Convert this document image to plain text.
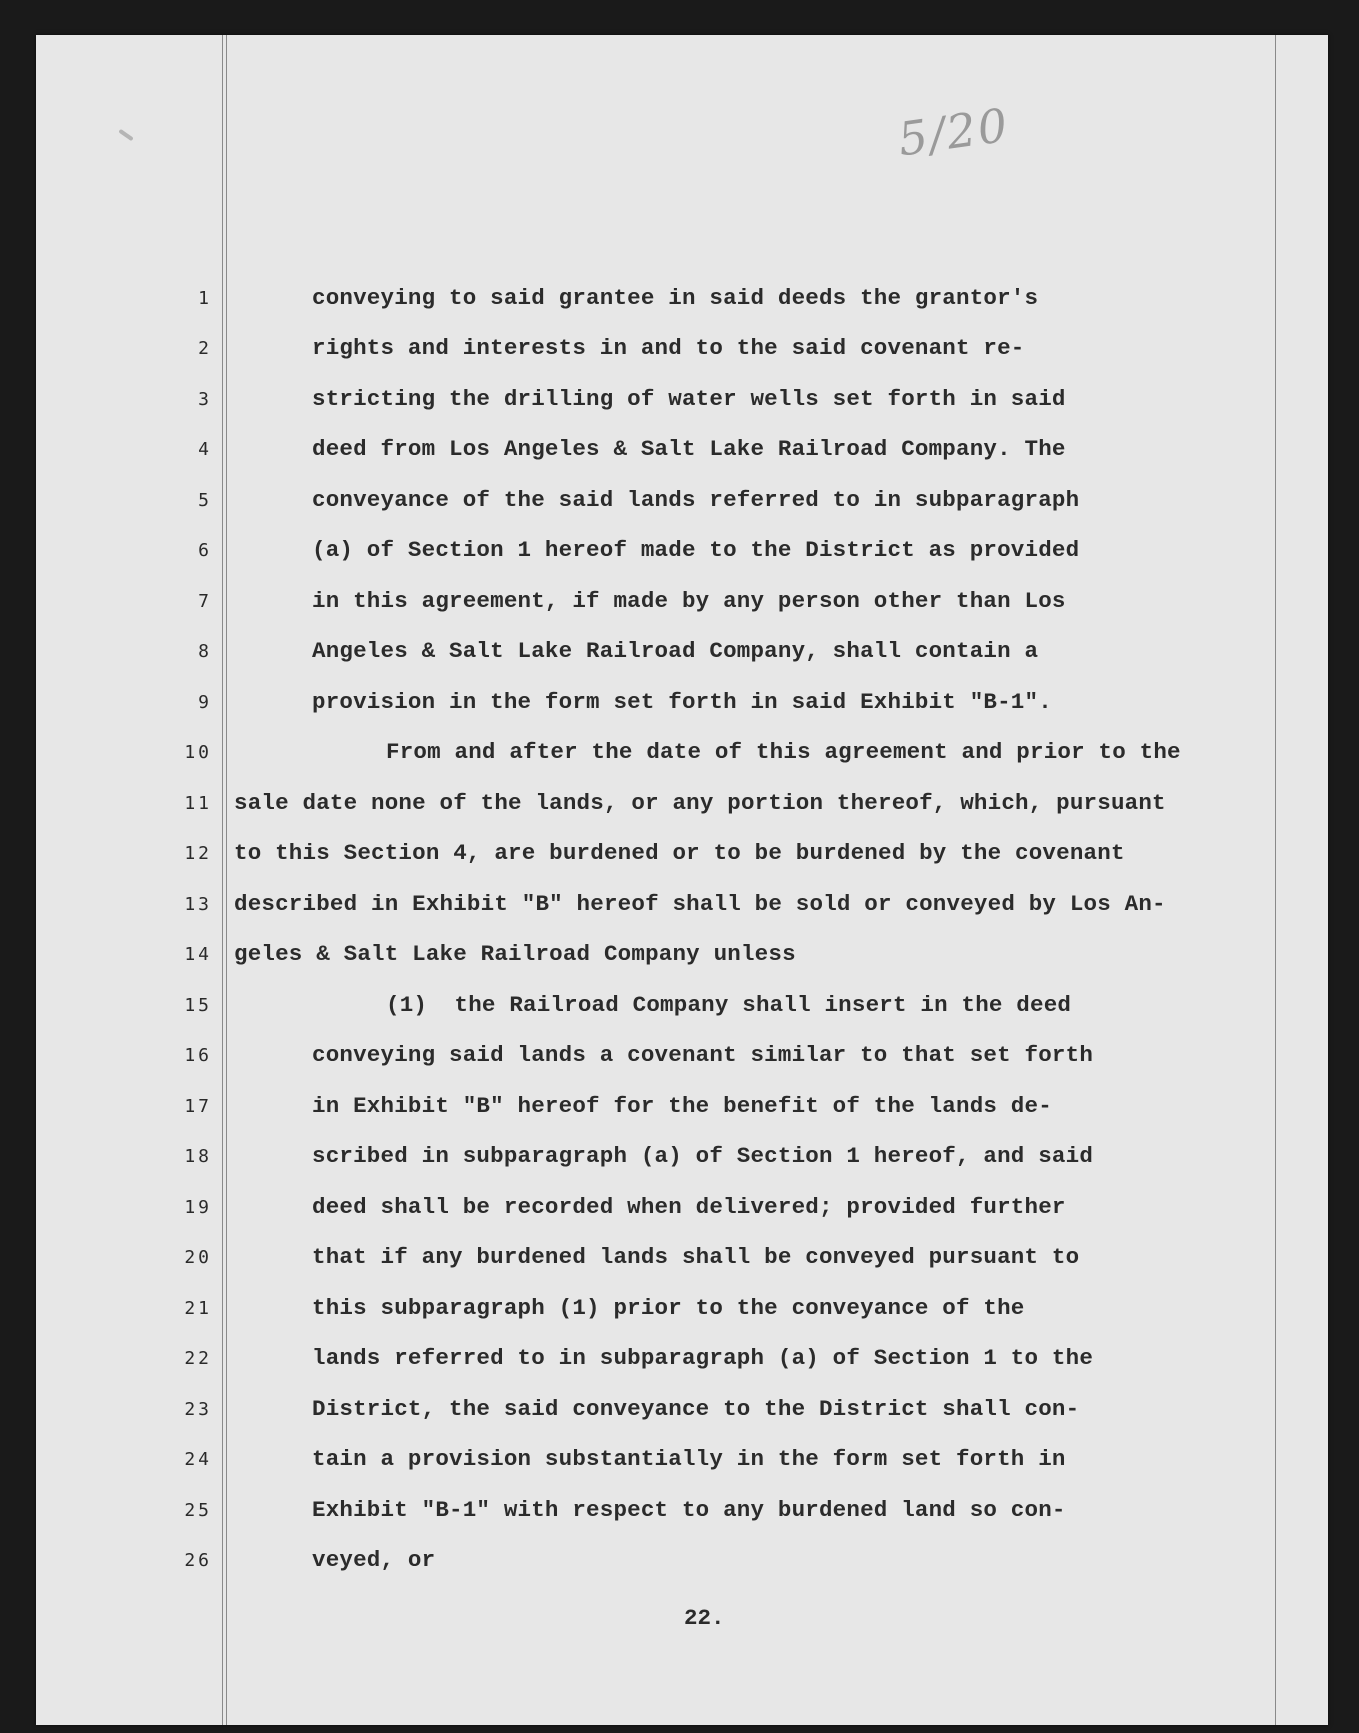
5/20
1
2
3
4
5
6
7
8
9
10
11
12
13
14
15
16
17
18
19
20
21
22
23
24
25
26
conveying to said grantee in said deeds the grantor's
rights and interests in and to the said covenant re-
stricting the drilling of water wells set forth in said
deed from Los Angeles & Salt Lake Railroad Company. The
conveyance of the said lands referred to in subparagraph
(a) of Section 1 hereof made to the District as provided
in this agreement, if made by any person other than Los
Angeles & Salt Lake Railroad Company, shall contain a
provision in the form set forth in said Exhibit "B-1".
From and after the date of this agreement and prior to the
sale date none of the lands, or any portion thereof, which, pursuant
to this Section 4, are burdened or to be burdened by the covenant
described in Exhibit "B" hereof shall be sold or conveyed by Los An-
geles & Salt Lake Railroad Company unless
(1)  the Railroad Company shall insert in the deed
conveying said lands a covenant similar to that set forth
in Exhibit "B" hereof for the benefit of the lands de-
scribed in subparagraph (a) of Section 1 hereof, and said
deed shall be recorded when delivered; provided further
that if any burdened lands shall be conveyed pursuant to
this subparagraph (1) prior to the conveyance of the
lands referred to in subparagraph (a) of Section 1 to the
District, the said conveyance to the District shall con-
tain a provision substantially in the form set forth in
Exhibit "B-1" with respect to any burdened land so con-
veyed, or
22.
